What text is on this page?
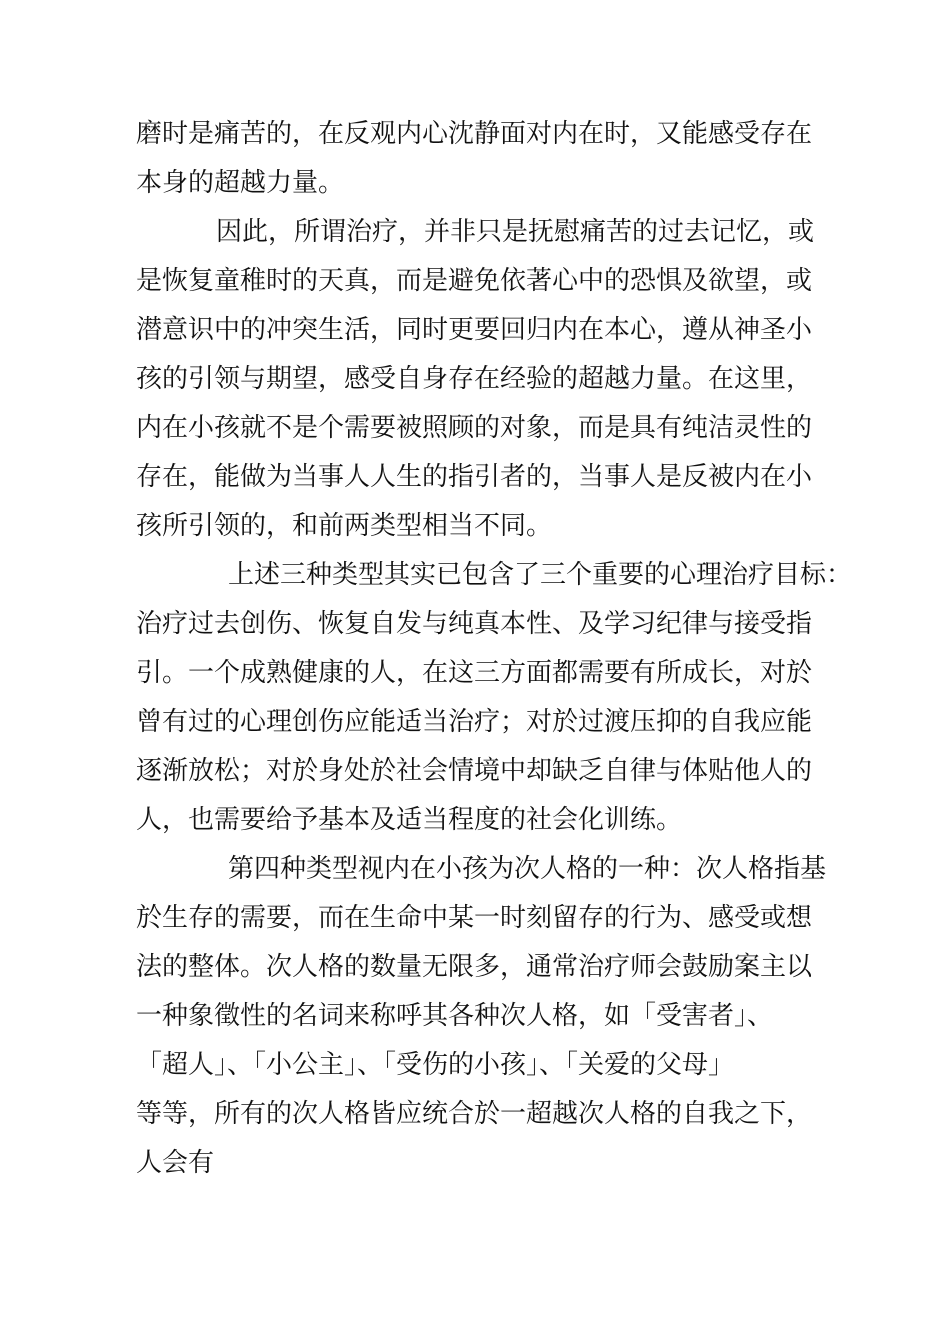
磨时是痛苦的，在反观内心沈静面对内在时，又能感受存在

本身的超越力量。

因此，所谓治疗，并非只是抚慰痛苦的过去记忆，或

是恢复童稚时的天真，而是避免依著心中的恐惧及欲望，或

潜意识中的冲突生活，同时更要回归内在本心，遵从神圣小

孩的引领与期望，感受自身存在经验的超越力量。在这里，

内在小孩就不是个需要被照顾的对象，而是具有纯洁灵性的

存在，能做为当事人人生的指引者的，当事人是反被内在小

孩所引领的，和前两类型相当不同。

上述三种类型其实已包含了三个重要的心理治疗目标：

治疗过去创伤、恢复自发与纯真本性、及学习纪律与接受指

引。一个成熟健康的人，在这三方面都需要有所成长，对於

曾有过的心理创伤应能适当治疗；对於过渡压抑的自我应能

逐渐放松；对於身处於社会情境中却缺乏自律与体贴他人的

人，也需要给予基本及适当程度的社会化训练。

第四种类型视内在小孩为次人格的一种：次人格指基

於生存的需要，而在生命中某一时刻留存的行为、感受或想

法的整体。次人格的数量无限多，通常治疗师会鼓励案主以

一种象徵性的名词来称呼其各种次人格，如「受害者」、

「超人」、「小公主」、「受伤的小孩」、「关爱的父母」

等等，所有的次人格皆应统合於一超越次人格的自我之下，

人会有
